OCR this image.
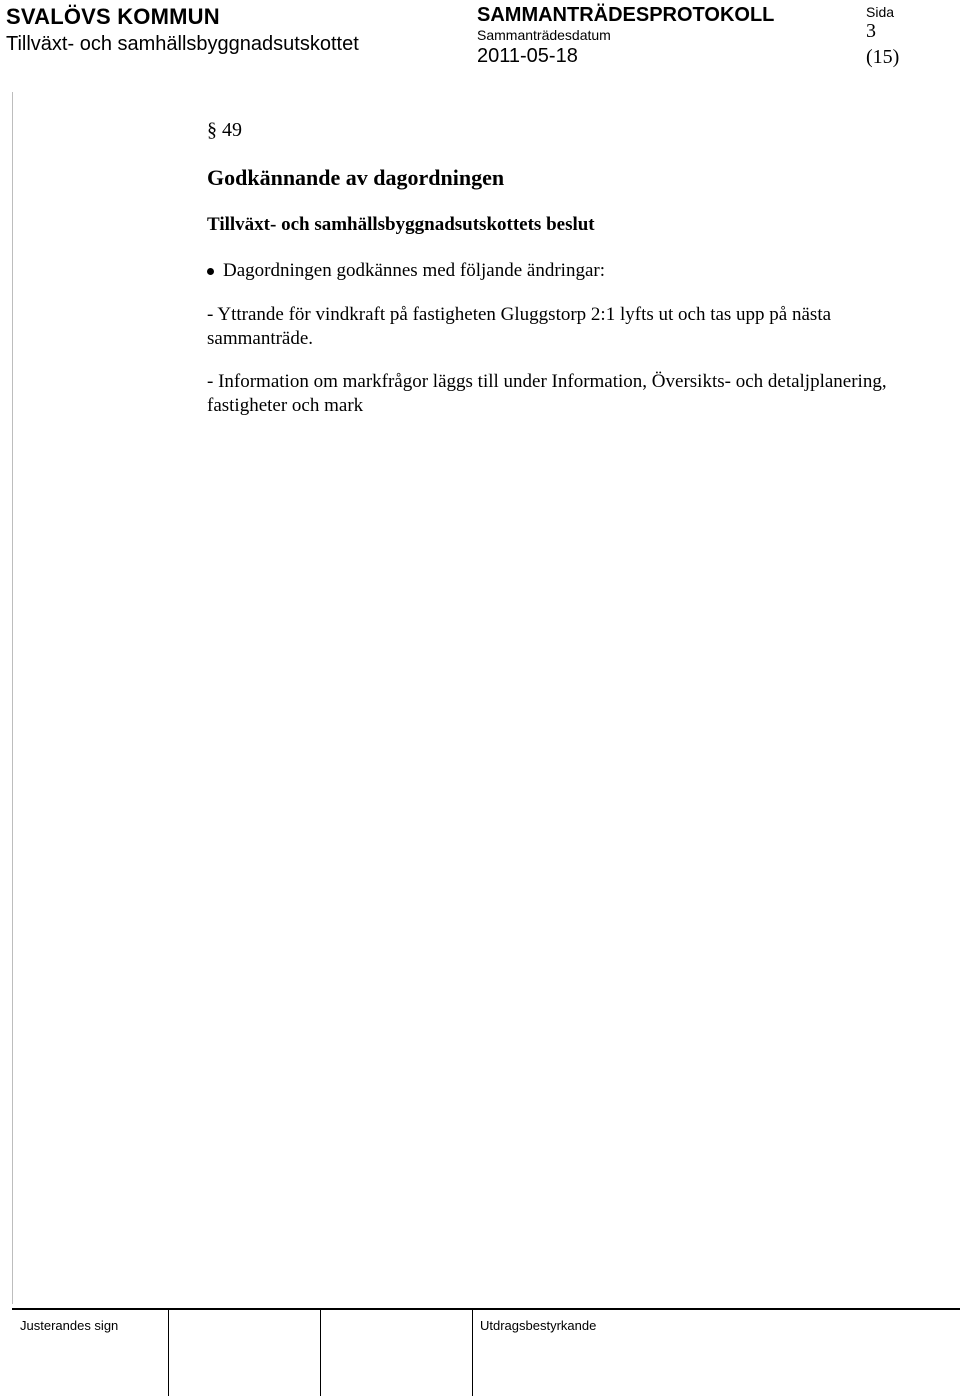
SVALÖVS KOMMUN
Tillväxt- och samhällsbyggnadsutskottet
SAMMANTRÄDESPROTOKOLL
Sammanträdesdatum
2011-05-18
Sida
3
(15)

§ 49

Godkännande av dagordningen

Tillväxt- och samhällsbyggnadsutskottets beslut

Dagordningen godkännes med följande ändringar:

- Yttrande för vindkraft på fastigheten Gluggstorp 2:1 lyfts ut och tas upp på nästa sammanträde.

- Information om markfrågor läggs till under Information, Översikts- och detaljplanering, fastigheter och mark

Justerandes sign	Utdragsbestyrkande
